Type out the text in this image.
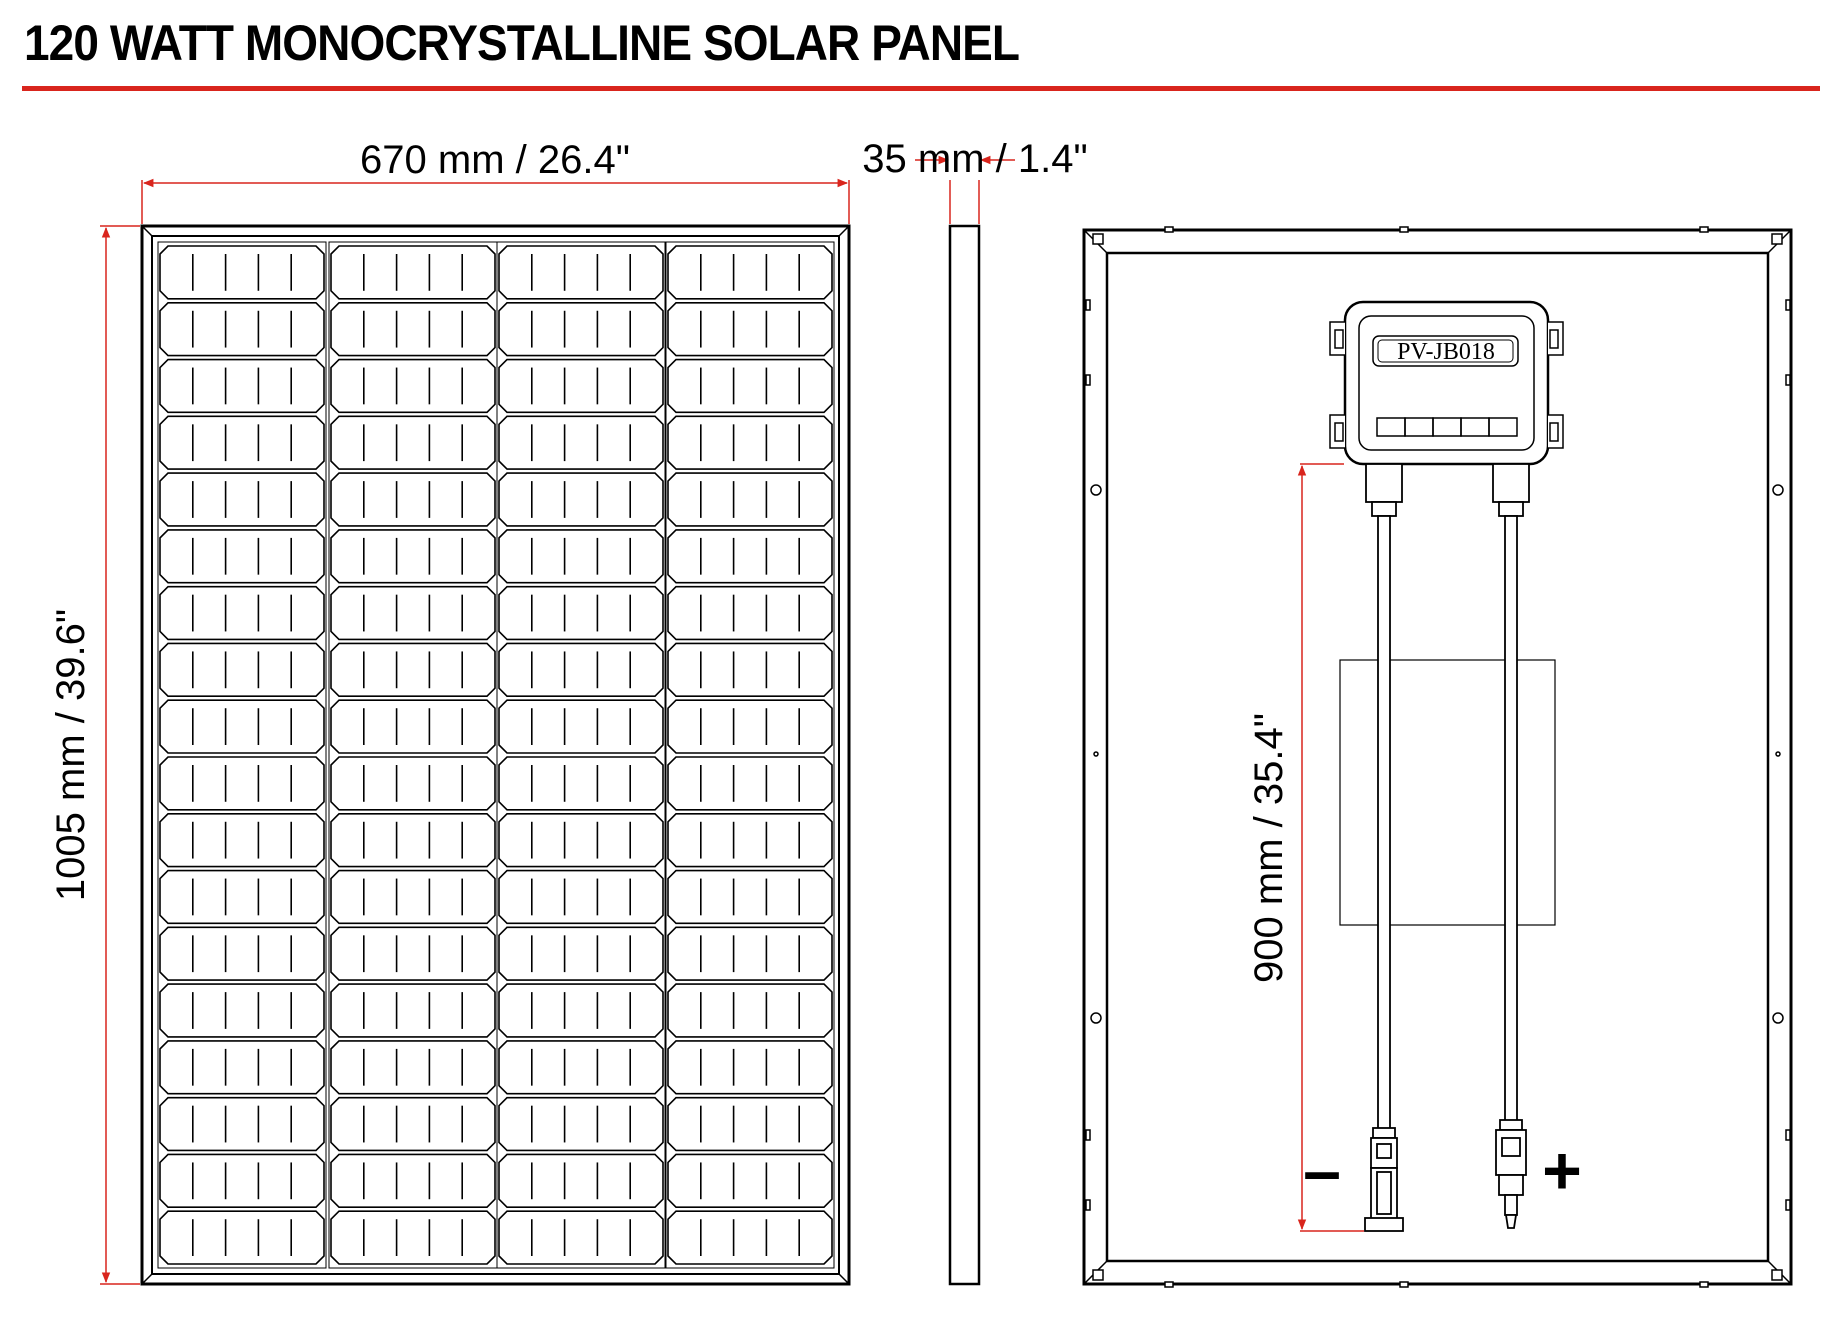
120 WATT MONOCRYSTALLINE SOLAR PANEL
670 mm / 26.4"
1005 mm / 39.6"
35 mm / 1.4"
PV-JB018
900 mm / 35.4"
–	+
